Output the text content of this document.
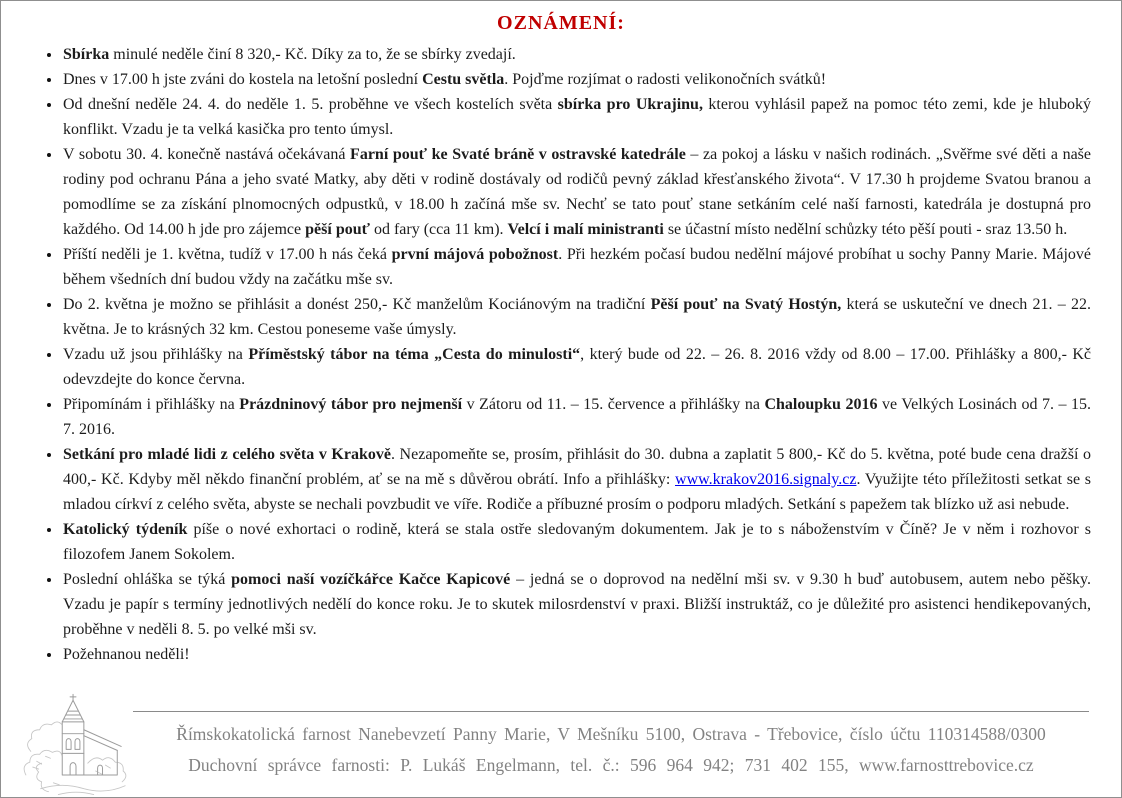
OZNÁMENÍ:
• Sbírka minulé neděle činí 8 320,- Kč. Díky za to, že se sbírky zvedají.
• Dnes v 17.00 h jste zváni do kostela na letošní poslední Cestu světla. Pojďme rozjímat o radosti velikonočních svátků!
• Od dnešní neděle 24. 4. do neděle 1. 5. proběhne ve všech kostelích světa sbírka pro Ukrajinu, kterou vyhlásil papež na pomoc této zemi, kde je hluboký konflikt. Vzadu je ta velká kasička pro tento úmysl.
• V sobotu 30. 4. konečně nastává očekávaná Farní pouť ke Svaté bráně v ostravské katedrále – za pokoj a lásku v našich rodinách. „Svěřme své děti a naše rodiny pod ochranu Pána a jeho svaté Matky, aby děti v rodině dostávaly od rodičů pevný základ křesťanského života“. V 17.30 h projdeme Svatou branou a pomodlíme se za získání plnomocných odpustků, v 18.00 h začíná mše sv. Nechť se tato pouť stane setkáním celé naší farnosti, katedrála je dostupná pro každého. Od 14.00 h jde pro zájemce pěší pouť od fary (cca 11 km). Velcí i malí ministranti se účastní místo nedělní schůzky této pěší pouti - sraz 13.50 h.
• Příští neděli je 1. května, tudíž v 17.00 h nás čeká první májová pobožnost. Při hezkém počasí budou nedělní májové probíhat u sochy Panny Marie. Májové během všedních dní budou vždy na začátku mše sv.
• Do 2. května je možno se přihlásit a donést 250,- Kč manželům Kociánovým na tradiční Pěší pouť na Svatý Hostýn, která se uskuteční ve dnech 21. – 22. května. Je to krásných 32 km. Cestou poneseme vaše úmysly.
• Vzadu už jsou přihlášky na Příměstský tábor na téma „Cesta do minulosti“, který bude od 22. – 26. 8. 2016 vždy od 8.00 – 17.00. Přihlášky a 800,- Kč odevzdejte do konce června.
• Připomínám i přihlášky na Prázdninový tábor pro nejmenší v Zátoru od 11. – 15. července a přihlášky na Chaloupku 2016 ve Velkých Losinách od 7. – 15. 7. 2016.
• Setkání pro mladé lidi z celého světa v Krakově. Nezapomeňte se, prosím, přihlásit do 30. dubna a zaplatit 5 800,- Kč do 5. května, poté bude cena dražší o 400,- Kč. Kdyby měl někdo finanční problém, ať se na mě s důvěrou obrátí. Info a přihlášky: www.krakov2016.signaly.cz. Využijte této příležitosti setkat se s mladou církví z celého světa, abyste se nechali povzbudit ve víře. Rodiče a příbuzné prosím o podporu mladých. Setkání s papežem tak blízko už asi nebude.
• Katolický týdeník píše o nové exhortaci o rodině, která se stala ostře sledovaným dokumentem. Jak je to s náboženstvím v Číně? Je v něm i rozhovor s filozofem Janem Sokolem.
• Poslední ohláška se týká pomoci naší vozíčkářce Kačce Kapicové – jedná se o doprovod na nedělní mši sv. v 9.30 h buď autobusem, autem nebo pěšky. Vzadu je papír s termíny jednotlivých nedělí do konce roku. Je to skutek milosrdenství v praxi. Bližší instruktáž, co je důležité pro asistenci hendikepovaných, proběhne v neděli 8. 5. po velké mši sv.
• Požehnanou neděli!
Římskokatolická farnost Nanebevzetí Panny Marie, V Mešníku 5100, Ostrava - Třebovice, číslo účtu 110314588/0300
Duchovní správce farnosti: P. Lukáš Engelmann, tel. č.: 596 964 942; 731 402 155, www.farnosttrebovice.cz
